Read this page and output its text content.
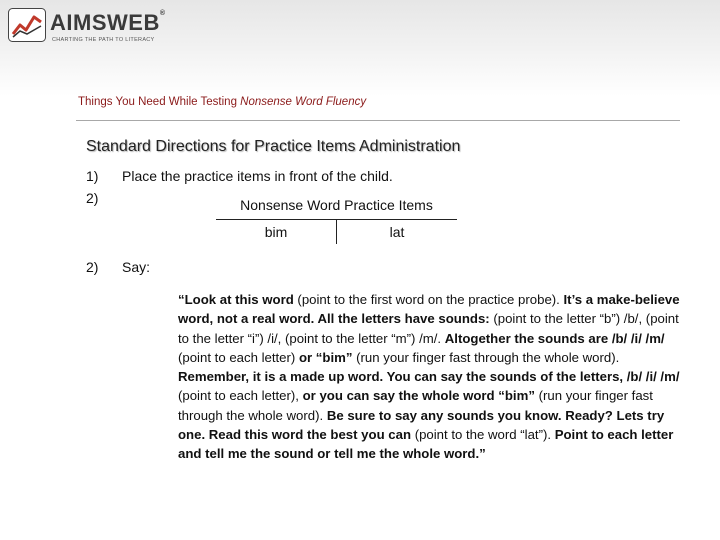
AIMSWEB®
CHARTING THE PATH TO LITERACY
Things You Need While Testing Nonsense Word Fluency
Standard Directions for Practice Items Administration
1) Place the practice items in front of the child.
2)	Nonsense Word Practice Items
bim	lat
2) Say:
“Look at this word (point to the first word on the practice probe). It’s a make-believe word, not a real word. All the letters have sounds: (point to the letter “b”) /b/, (point to the letter “i”) /i/, (point to the letter “m”) /m/. Altogether the sounds are /b/ /i/ /m/ (point to each letter) or “bim” (run your finger fast through the whole word). Remember, it is a made up word. You can say the sounds of the letters, /b/ /i/ /m/ (point to each letter), or you can say the whole word “bim” (run your finger fast through the whole word). Be sure to say any sounds you know. Ready? Lets try one. Read this word the best you can (point to the word “lat”). Point to each letter and tell me the sound or tell me the whole word.”
